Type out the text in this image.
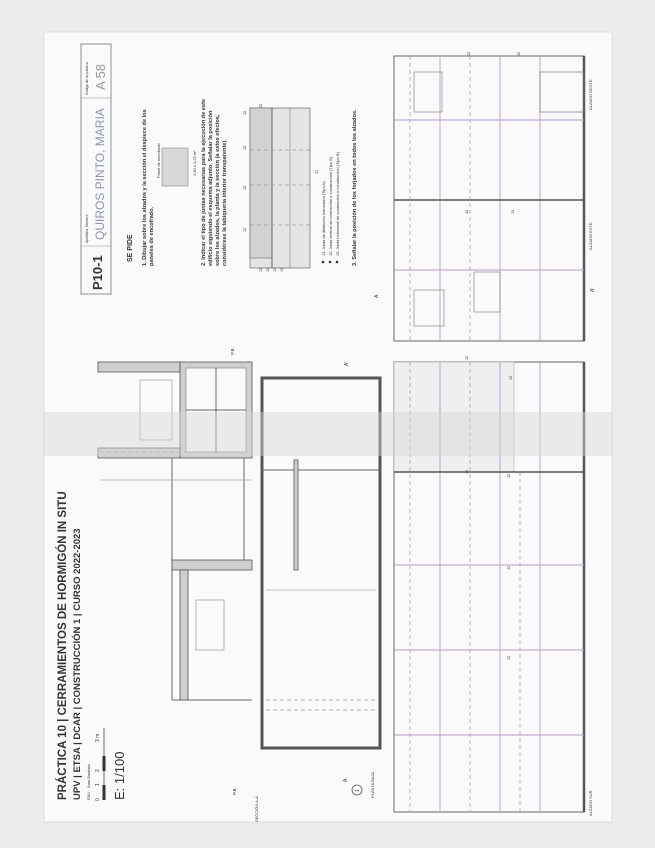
PRÁCTICA 10 | CERRAMIENTOS DE HORMIGÓN IN SITU UPV | ETSA | DCAR | CONSTRUCCIÓN 1 | CURSO 2022-2023 PAU · Juan Bautista 0
1
2
3 m
E: 1/100
P10-1
Apellidos, Nombre QUIROS PINTO, MARIA
Código de la práctica A 58
SE PIDE 1. Dibujar sobre los alzados y la sección el despiece de los paneles de encofrado.
Panel de encofrado	2,50 x 1,25 m² 2. Indicar el tipo de juntas necesarias para la ejecución de este edificio siguiendo el esquema adjunto. Señalar la posición sobre los alzados, la planta y la sección (a estos efectos, considérese la tabiquería interior transparente).
J3 J3 J3 J3
J2
J2
J2
J2
J2
J1
J1: Junta de dilatación estructural (Tipo A) J2: Junta vertical de contracción o construcción (Tipo B) J3: Junta horizontal de contracción o construcción (Tipo B) 3. Señalar la posición de los forjados en todos los alzados.
SECCIÓN A-A'
P.B.
P.B.
A'
A
1 PLANTA BAJA
ALZADO OESTE
ALZADO ESTE
A
A'
J2	J2
J1	J1
ALZADO SUR
J2
J2
J2
J2
J2
J1
